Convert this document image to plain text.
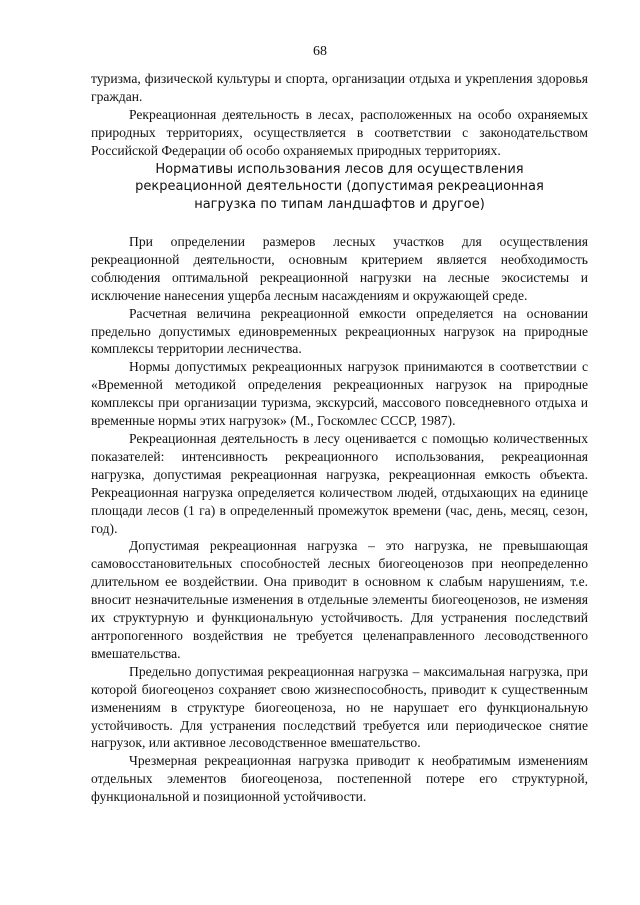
68

туризма, физической культуры и спорта, организации отдыха и укрепления здоровья граждан.

Рекреационная деятельность в лесах, расположенных на особо охраняемых природных территориях, осуществляется в соответствии с законодательством Российской Федерации об особо охраняемых природных территориях.

Нормативы использования лесов для осуществления
рекреационной деятельности (допустимая рекреационная
нагрузка по типам ландшафтов и другое)

При определении размеров лесных участков для осуществления рекреационной деятельности, основным критерием является необходимость соблюдения оптимальной рекреационной нагрузки на лесные экосистемы и исключение нанесения ущерба лесным насаждениям и окружающей среде.

Расчетная величина рекреационной емкости определяется на основании предельно допустимых единовременных рекреационных нагрузок на природные комплексы территории лесничества.

Нормы допустимых рекреационных нагрузок принимаются в соответствии с «Временной методикой определения рекреационных нагрузок на природные комплексы при организации туризма, экскурсий, массового повседневного отдыха и временные нормы этих нагрузок» (М., Госкомлес СССР, 1987).

Рекреационная деятельность в лесу оценивается с помощью количественных показателей: интенсивность рекреационного использования, рекреационная нагрузка, допустимая рекреационная нагрузка, рекреационная емкость объекта. Рекреационная нагрузка определяется количеством людей, отдыхающих на единице площади лесов (1 га) в определенный промежуток времени (час, день, месяц, сезон, год).

Допустимая рекреационная нагрузка – это нагрузка, не превышающая самовосстановительных способностей лесных биогеоценозов при неопределенно длительном ее воздействии. Она приводит в основном к слабым нарушениям, т.е. вносит незначительные изменения в отдельные элементы биогеоценозов, не изменяя их структурную и функциональную устойчивость. Для устранения последствий антропогенного воздействия не требуется целенаправленного лесоводственного вмешательства.

Предельно допустимая рекреационная нагрузка – максимальная нагрузка, при которой биогеоценоз сохраняет свою жизнеспособность, приводит к существенным изменениям в структуре биогеоценоза, но не нарушает его функциональную устойчивость. Для устранения последствий требуется или периодическое снятие нагрузок, или активное лесоводственное вмешательство.

Чрезмерная рекреационная нагрузка приводит к необратимым изменениям отдельных элементов биогеоценоза, постепенной потере его структурной, функциональной и позиционной устойчивости.
